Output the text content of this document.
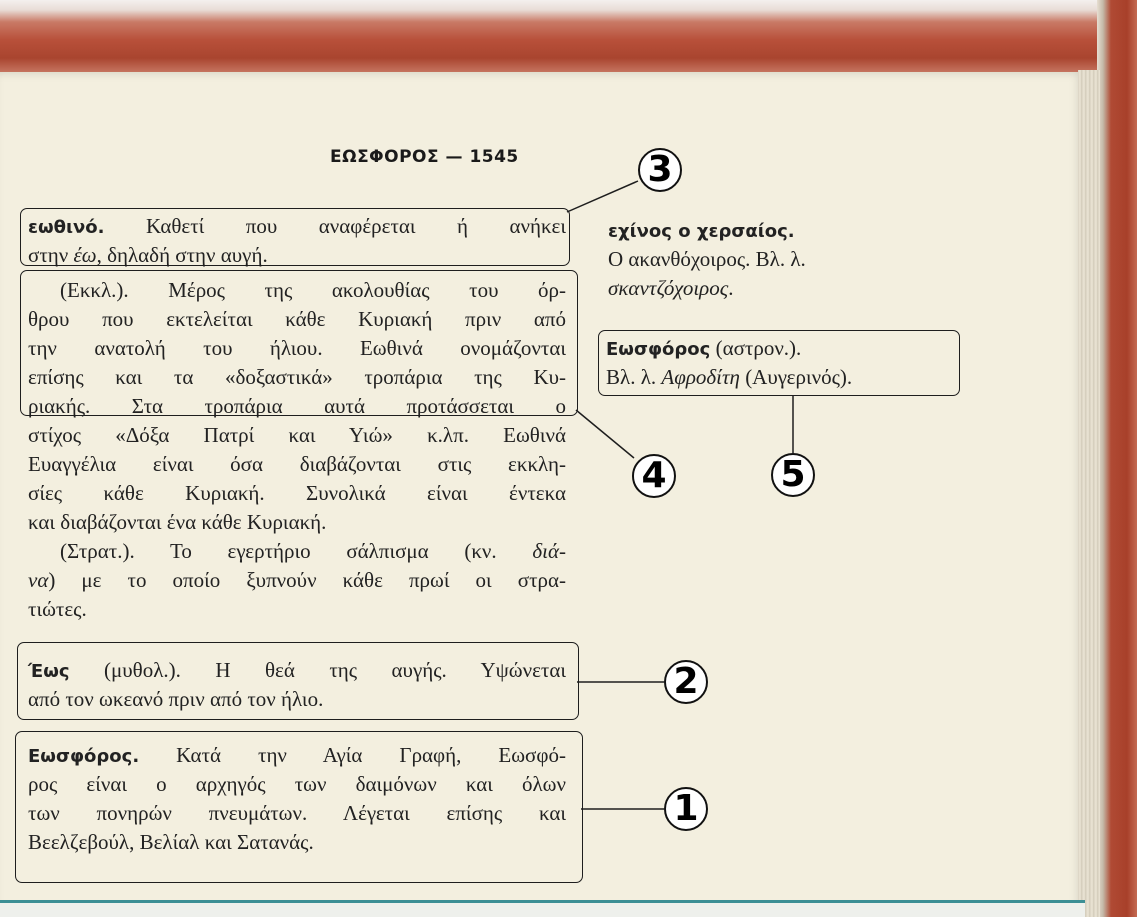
ΕΩΣΦΟΡΟΣ — 1545
εωθινό. Καθετί που αναφέρεται ή ανήκει
στην έω, δηλαδή στην αυγή.
(Εκκλ.). Μέρος της ακολουθίας του όρ-
θρου που εκτελείται κάθε Κυριακή πριν από
την ανατολή του ήλιου. Εωθινά ονομάζονται
επίσης και τα «δοξαστικά» τροπάρια της Κυ-
ριακής. Στα τροπάρια αυτά προτάσσεται ο
στίχος «Δόξα Πατρί και Υιώ» κ.λπ. Εωθινά
Ευαγγέλια είναι όσα διαβάζονται στις εκκλη-
σίες κάθε Κυριακή. Συνολικά είναι έντεκα
και διαβάζονται ένα κάθε Κυριακή.
(Στρατ.). Το εγερτήριο σάλπισμα (κν. διά-
να) με το οποίο ξυπνούν κάθε πρωί οι στρα-
τιώτες.
Έως (μυθολ.). Η θεά της αυγής. Υψώνεται
από τον ωκεανό πριν από τον ήλιο.
Εωσφόρος. Κατά την Αγία Γραφή, Εωσφό-
ρος είναι ο αρχηγός των δαιμόνων και όλων
των πονηρών πνευμάτων. Λέγεται επίσης και
Βεελζεβούλ, Βελίαλ και Σατανάς.
εχίνος ο χερσαίος.
Ο ακανθόχοιρος. Βλ. λ.
σκαντζόχοιρος.
Εωσφόρος (αστρον.).
Βλ. λ. Αφροδίτη (Αυγερινός).
3
4	5
2
1
